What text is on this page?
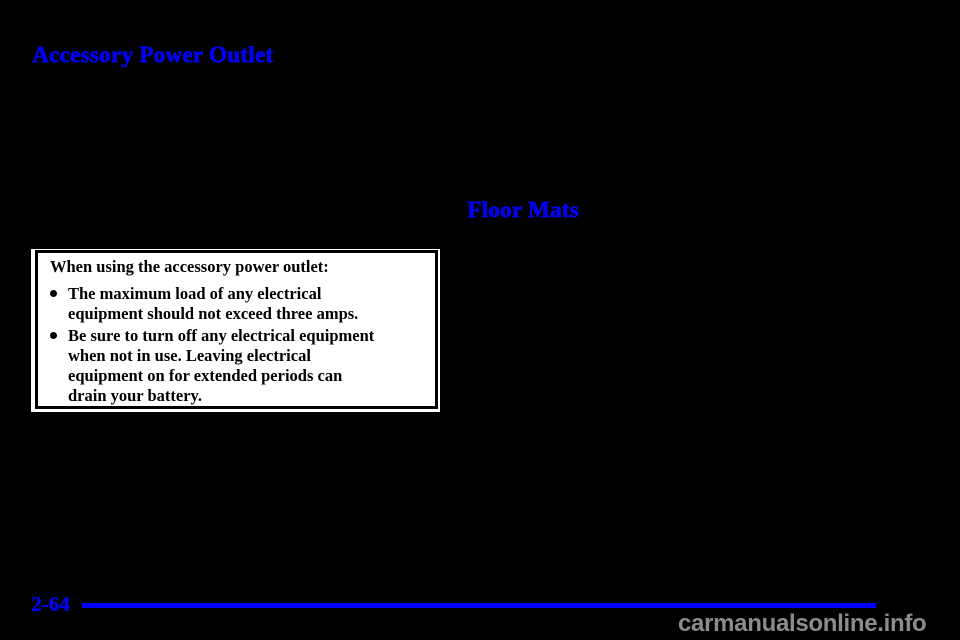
Accessory Power Outlet
Floor Mats
When using the accessory power outlet:
The maximum load of any electrical
equipment should not exceed three amps.
Be sure to turn off any electrical equipment
when not in use. Leaving electrical
equipment on for extended periods can
drain your battery.
2-64
carmanualsonline.info
